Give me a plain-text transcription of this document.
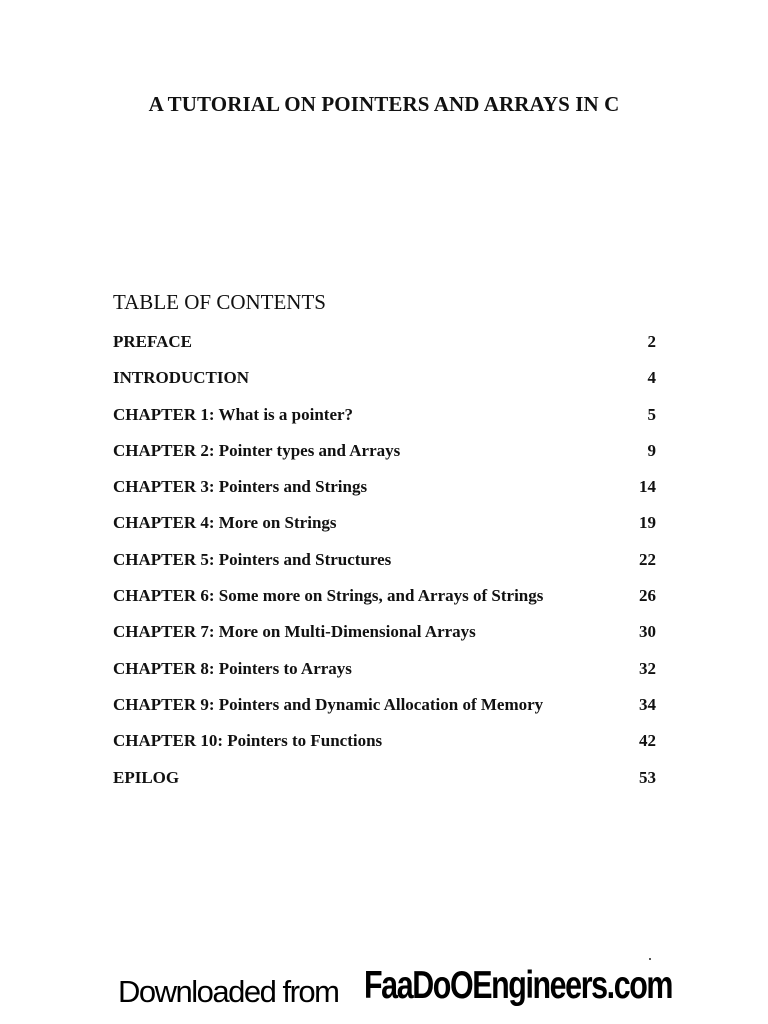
A TUTORIAL ON POINTERS AND ARRAYS IN C
TABLE OF CONTENTS
PREFACE	2
INTRODUCTION	4
CHAPTER 1: What is a pointer?	5
CHAPTER 2: Pointer types and Arrays	9
CHAPTER 3: Pointers and Strings	14
CHAPTER 4: More on Strings	19
CHAPTER 5: Pointers and Structures	22
CHAPTER 6: Some more on Strings, and Arrays of Strings	26
CHAPTER 7: More on Multi-Dimensional Arrays	30
CHAPTER 8: Pointers to Arrays	32
CHAPTER 9: Pointers and Dynamic Allocation of Memory	34
CHAPTER 10: Pointers to Functions	42
EPILOG	53
Downloaded from FaaDoOEngineers.com
